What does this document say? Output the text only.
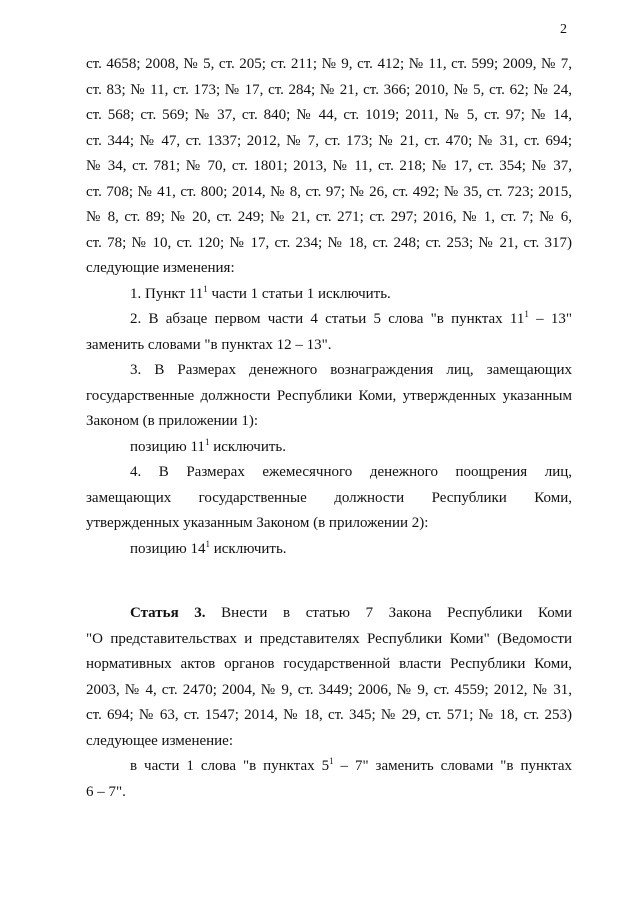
2

ст. 4658; 2008, № 5, ст. 205; ст. 211; № 9, ст. 412; № 11, ст. 599; 2009, № 7,

ст. 83; № 11, ст. 173; № 17, ст. 284; № 21, ст. 366; 2010, № 5, ст. 62; № 24,

ст. 568; ст. 569; № 37, ст. 840; № 44, ст. 1019; 2011, № 5, ст. 97; № 14,

ст. 344; № 47, ст. 1337; 2012, № 7, ст. 173; № 21, ст. 470; № 31, ст. 694;

№ 34, ст. 781; № 70, ст. 1801; 2013, № 11, ст. 218; № 17, ст. 354; № 37,

ст. 708; № 41, ст. 800; 2014, № 8, ст. 97; № 26, ст. 492; № 35, ст. 723; 2015,

№ 8, ст. 89; № 20, ст. 249; № 21, ст. 271; ст. 297; 2016, № 1, ст. 7; № 6,

ст. 78; № 10, ст. 120; № 17, ст. 234; № 18, ст. 248; ст. 253; № 21, ст. 317)

следующие изменения:

1. Пункт $11^1$ части 1 статьи 1 исключить.

2. В абзаце первом части 4 статьи 5 слова "в пунктах $11^1 - 13$"

заменить словами "в пунктах 12 – 13".

3. В Размерах денежного вознаграждения лиц, замещающих

государственные должности Республики Коми, утвержденных указанным

Законом (в приложении 1):

позицию $11^1$ исключить.

4. В Размерах ежемесячного денежного поощрения лиц,

замещающих государственные должности Республики Коми,

утвержденных указанным Законом (в приложении 2):

позицию $14^1$ исключить.

Статья 3. Внести в статью 7 Закона Республики Коми

"О представительствах и представителях Республики Коми" (Ведомости

нормативных актов органов государственной власти Республики Коми,

2003, № 4, ст. 2470; 2004, № 9, ст. 3449; 2006, № 9, ст. 4559; 2012, № 31,

ст. 694; № 63, ст. 1547; 2014, № 18, ст. 345; № 29, ст. 571; № 18, ст. 253)

следующее изменение:

в части 1 слова "в пунктах $5^1 - 7$" заменить словами "в пунктах

6 – 7".
